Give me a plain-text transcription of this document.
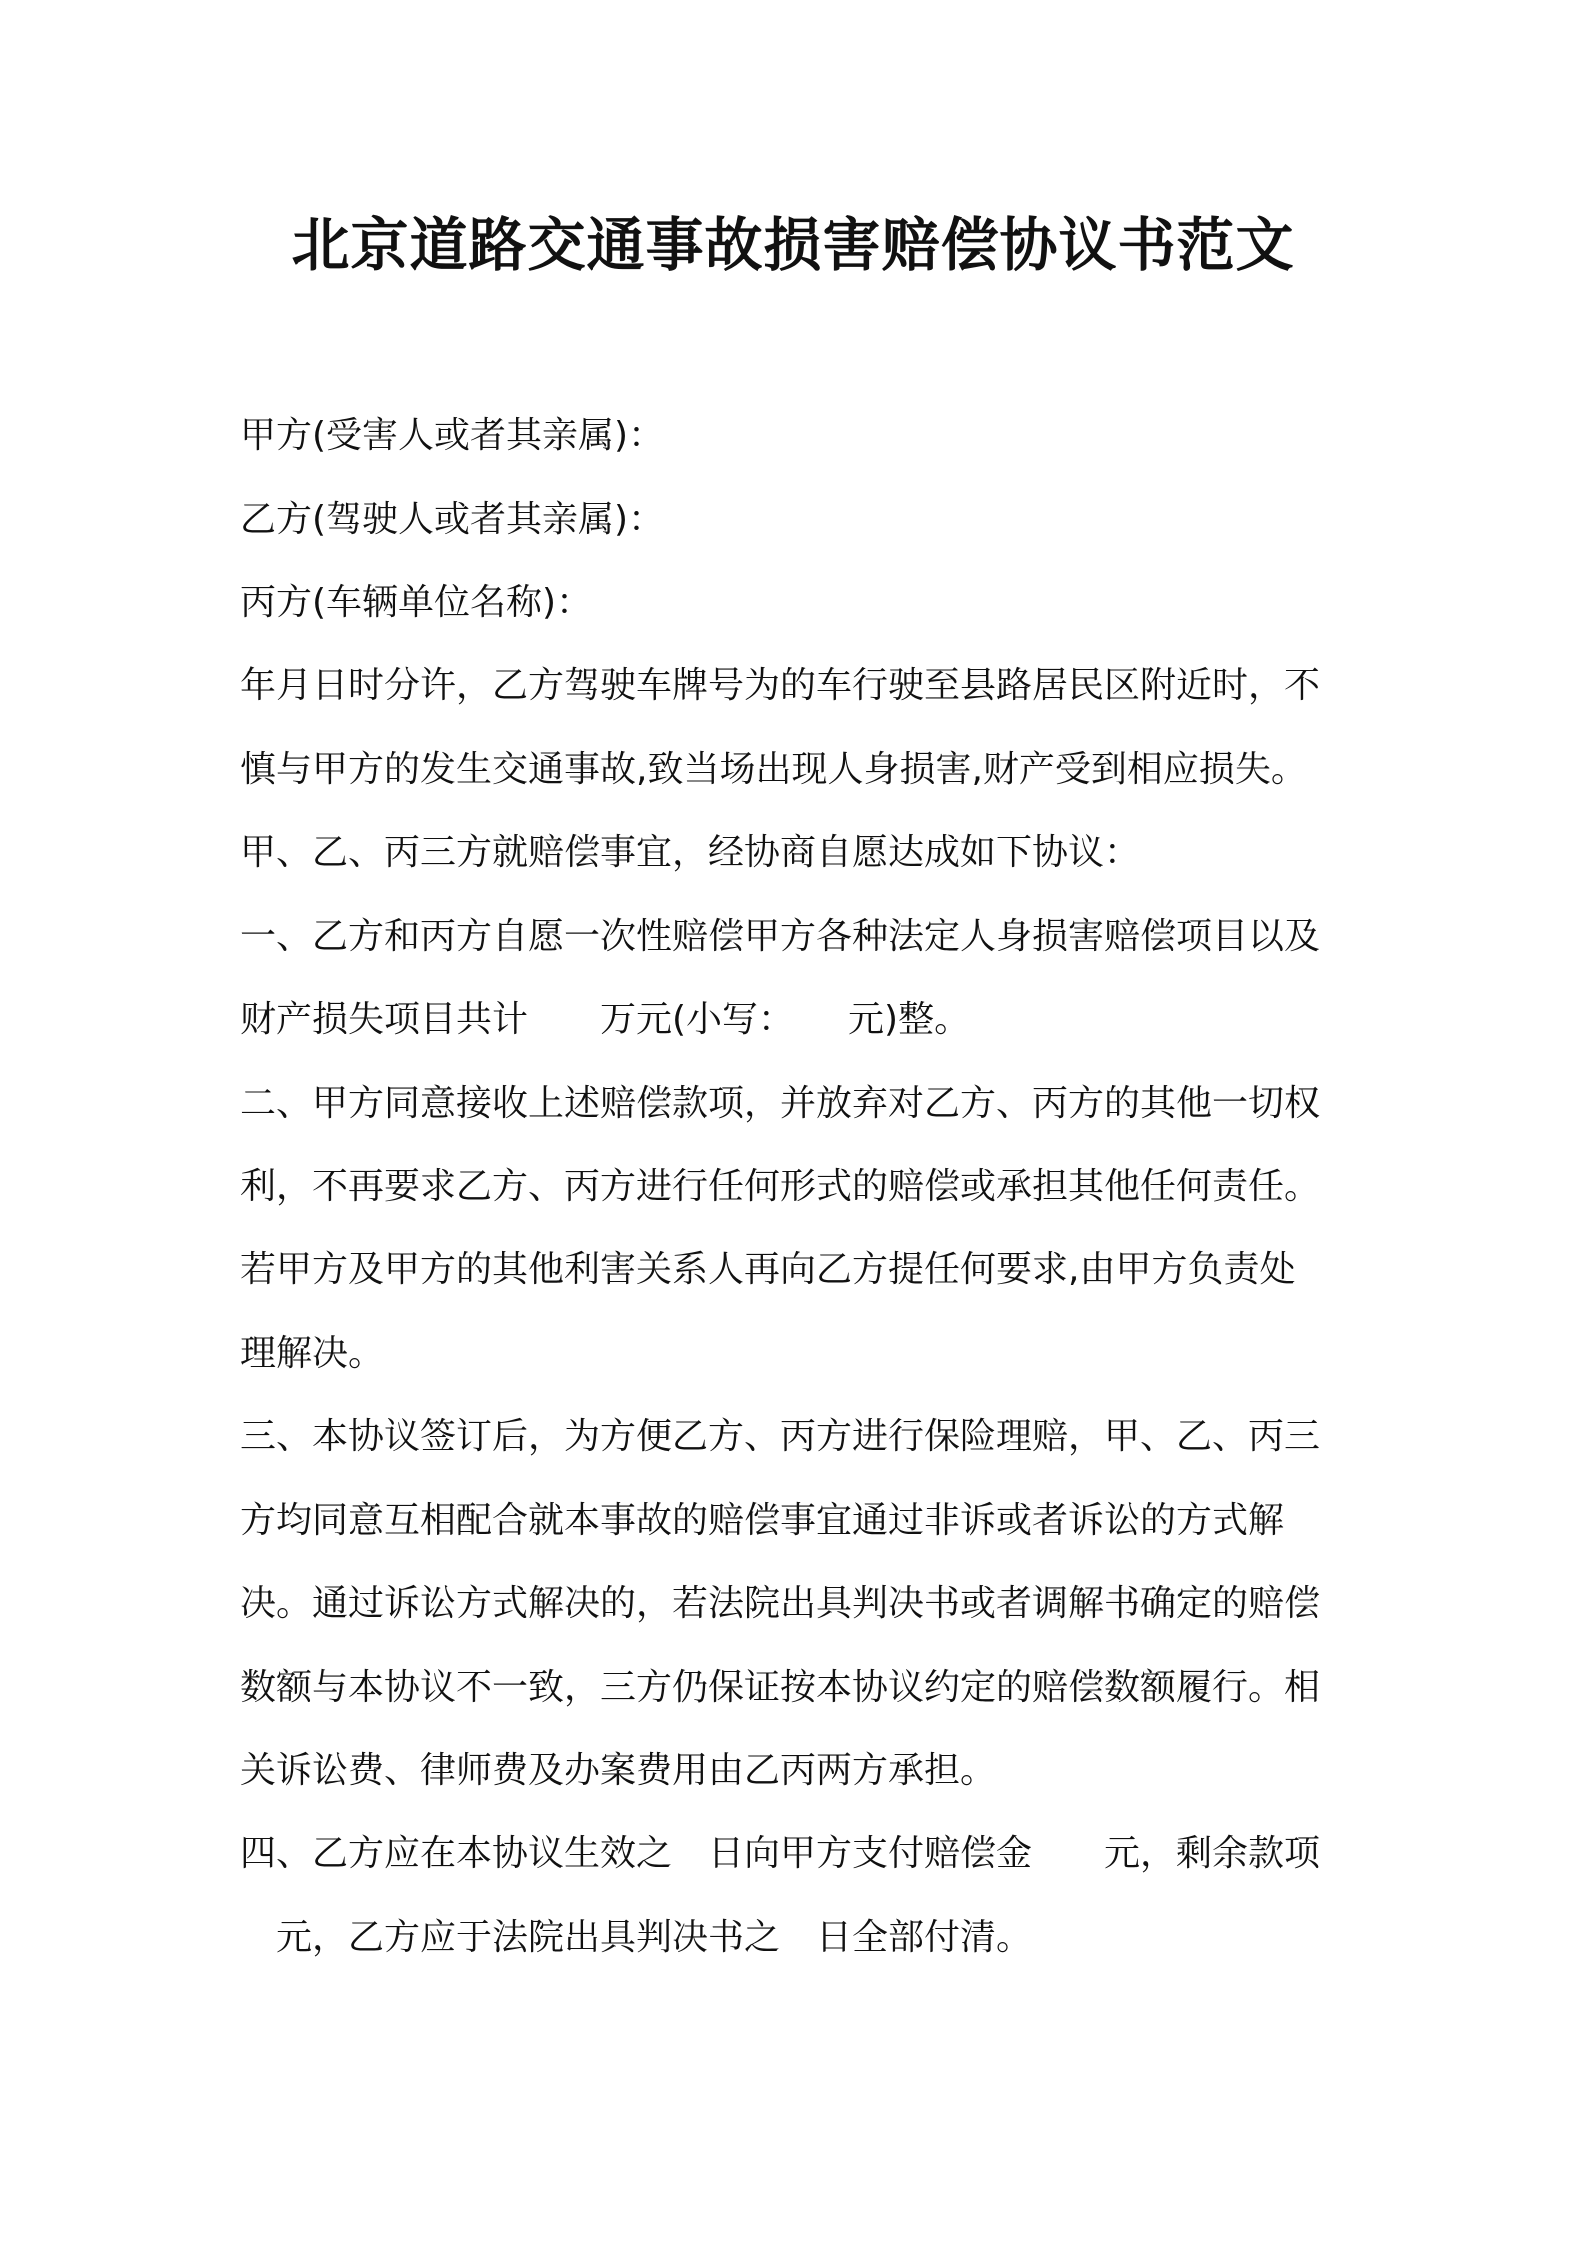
北京道路交通事故损害赔偿协议书范文
甲方(受害人或者其亲属)：
乙方(驾驶人或者其亲属)：
丙方(车辆单位名称)：
年月日时分许，乙方驾驶车牌号为的车行驶至县路居民区附近时，不
慎与甲方的发生交通事故,致当场出现人身损害,财产受到相应损失。
甲、乙、丙三方就赔偿事宜，经协商自愿达成如下协议：
一、乙方和丙方自愿一次性赔偿甲方各种法定人身损害赔偿项目以及
财产损失项目共计　　万元(小写：　　元)整。
二、甲方同意接收上述赔偿款项，并放弃对乙方、丙方的其他一切权
利，不再要求乙方、丙方进行任何形式的赔偿或承担其他任何责任。
若甲方及甲方的其他利害关系人再向乙方提任何要求,由甲方负责处
理解决。
三、本协议签订后，为方便乙方、丙方进行保险理赔，甲、乙、丙三
方均同意互相配合就本事故的赔偿事宜通过非诉或者诉讼的方式解
决。通过诉讼方式解决的，若法院出具判决书或者调解书确定的赔偿
数额与本协议不一致，三方仍保证按本协议约定的赔偿数额履行。相
关诉讼费、律师费及办案费用由乙丙两方承担。
四、乙方应在本协议生效之　日向甲方支付赔偿金　　元，剩余款项
　元，乙方应于法院出具判决书之　日全部付清。
